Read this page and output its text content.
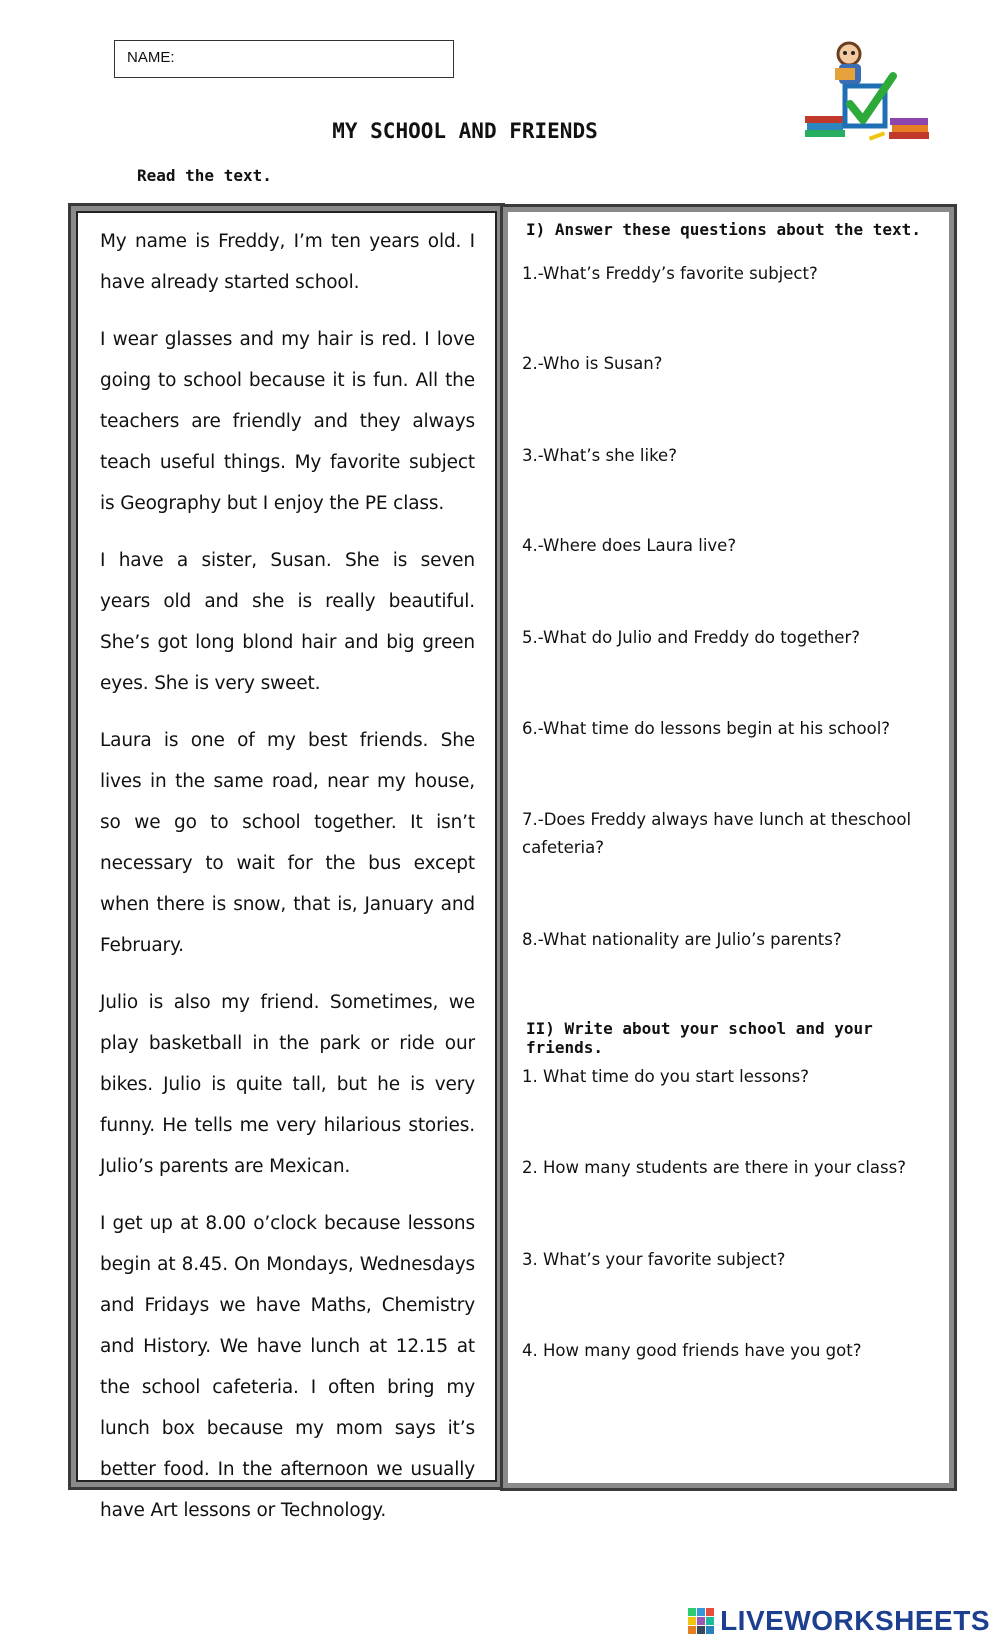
NAME:
MY SCHOOL AND FRIENDS
Read the text.

My name is Freddy, I’m ten years old. I have already started school.

I wear glasses and my hair is red. I love going to school because it is fun. All the teachers are friendly and they always teach useful things. My favorite subject is Geography but I enjoy the PE class.

I have a sister, Susan. She is seven years old and she is really beautiful. She’s got long blond hair and big green eyes. She is very sweet.

Laura is one of my best friends. She lives in the same road, near my house, so we go to school together. It isn’t necessary to wait for the bus except when there is snow, that is, January and February.

Julio is also my friend. Sometimes, we play basketball in the park or ride our bikes. Julio is quite tall, but he is very funny. He tells me very hilarious stories. Julio’s parents are Mexican.

I get up at 8.00 o’clock because lessons begin at 8.45. On Mondays, Wednesdays and Fridays we have Maths, Chemistry and History. We have lunch at 12.15 at the school cafeteria. I often bring my lunch box because my mom says it’s better food. In the afternoon we usually have Art lessons or Technology.

I) Answer these questions about the text.
1.-What’s Freddy’s favorite subject?
2.-Who is Susan?
3.-What’s she like?
4.-Where does Laura live?
5.-What do Julio and Freddy do together?
6.-What time do lessons begin at his school?
7.-Does Freddy always have lunch at theschool cafeteria?
8.-What nationality are Julio’s parents?
II) Write about your school and your friends.
1. What time do you start lessons?
2. How many students are there in your class?
3. What’s your favorite subject?
4. How many good friends have you got?
LIVEWORKSHEETS
